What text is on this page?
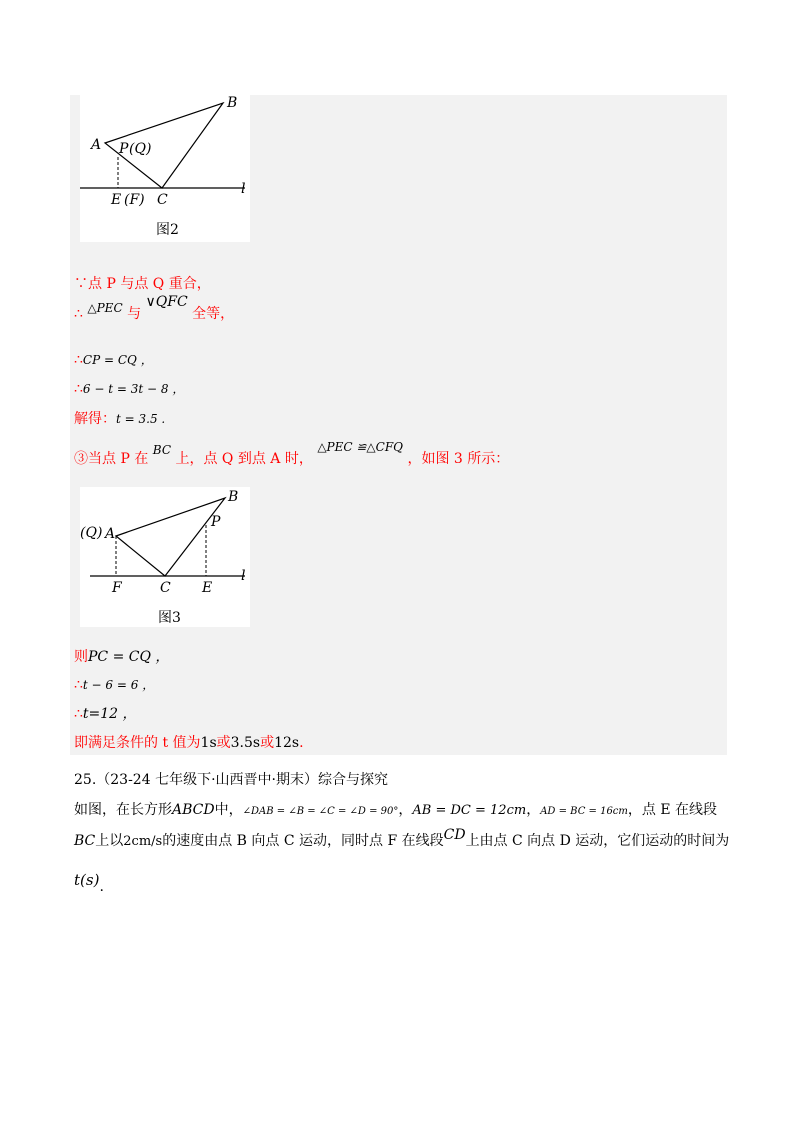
A
B
P (Q)
E (F) C
l
图2
∵点 P 与点 Q 重合，
∴ △PEC 与 ∨QFC 全等，
∴CP = CQ ，
∴6 − t = 3t − 8 ，
解得：t = 3.5 .
③当点 P 在 BC 上，点 Q 到点 A 时， △PEC ≌△CFQ ，如图 3 所示：
(Q) A
B
P
F	C E
l
图3
则PC = CQ ，
∴t − 6 = 6 ，
∴t=12 ，
即满足条件的 t 值为1s或3.5s或12s.
25.（23-24 七年级下·山西晋中·期末）综合与探究
如图，在长方形ABCD中，∠DAB = ∠B = ∠C = ∠D = 90°，AB = DC = 12cm，AD = BC = 16cm，点 E 在线段
BC上以2cm/s的速度由点 B 向点 C 运动，同时点 F 在线段CD上由点 C 向点 D 运动，它们运动的时间为
t(s).
